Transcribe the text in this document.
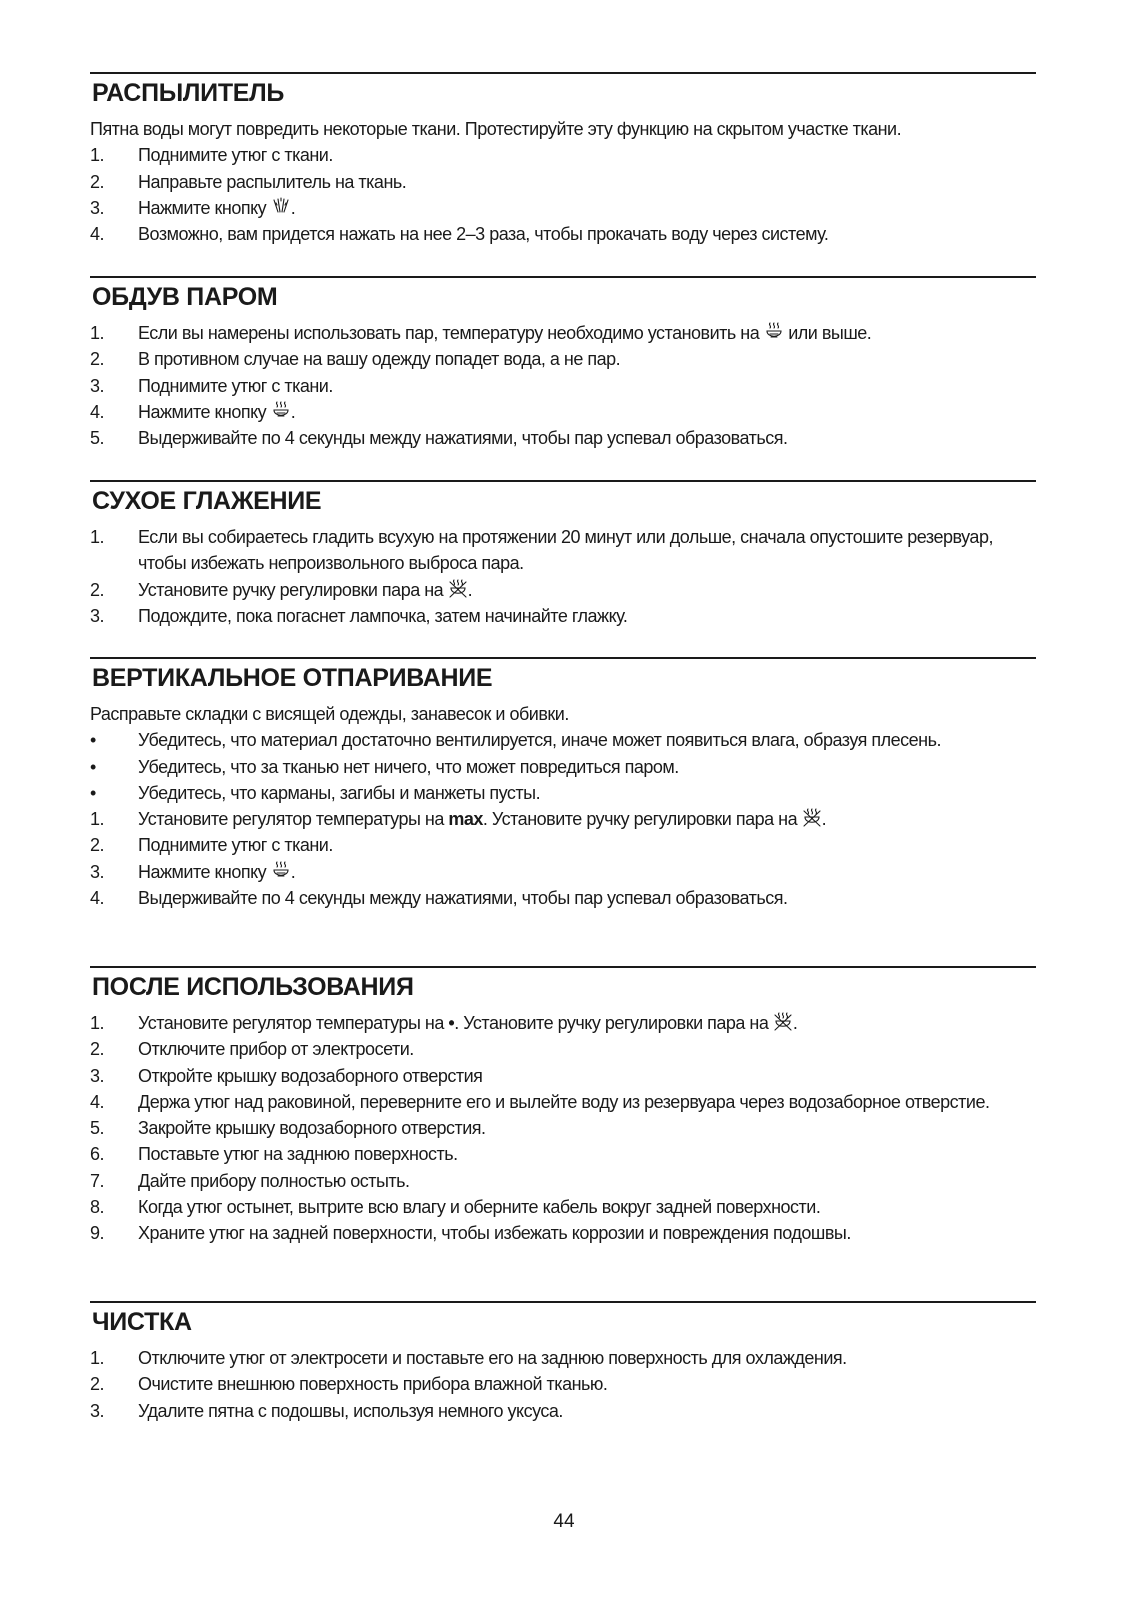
РАСПЫЛИТЕЛЬ

Пятна воды могут повредить некоторые ткани. Протестируйте эту функцию на скрытом участке ткани.

1.	Поднимите утюг с ткани.
2.	Направьте распылитель на ткань.
3.	Нажмите кнопку
.
4.	Возможно, вам придется нажать на нее 2–3 раза, чтобы прокачать воду через систему.
ОБДУВ ПАРОМ
1.	Если вы намерены использовать пар, температуру необходимо установить на
или выше.
2.	В противном случае на вашу одежду попадет вода, а не пар.
3.	Поднимите утюг с ткани.
4.	Нажмите кнопку
.
5.	Выдерживайте по 4 секунды между нажатиями, чтобы пар успевал образоваться.
СУХОЕ ГЛАЖЕНИЕ
1.	Если вы собираетесь гладить всухую на протяжении 20 минут или дольше, сначала опустошите резервуар, чтобы избежать непроизвольного выброса пара.
2.	Установите ручку регулировки пара на
.
3.	Подождите, пока погаснет лампочка, затем начинайте глажку.
ВЕРТИКАЛЬНОЕ ОТПАРИВАНИЕ

Расправьте складки с висящей одежды, занавесок и обивки.

•	Убедитесь, что материал достаточно вентилируется, иначе может появиться влага, образуя плесень.
•	Убедитесь, что за тканью нет ничего, что может повредиться паром.
•	Убедитесь, что карманы, загибы и манжеты пусты.
1.	Установите регулятор температуры на max. Установите ручку регулировки пара на
.
2.	Поднимите утюг с ткани.
3.	Нажмите кнопку
.
4.	Выдерживайте по 4 секунды между нажатиями, чтобы пар успевал образоваться.
ПОСЛЕ ИСПОЛЬЗОВАНИЯ
1.	Установите регулятор температуры на •. Установите ручку регулировки пара на
.
2.	Отключите прибор от электросети.
3.	Откройте крышку водозаборного отверстия
4.	Держа утюг над раковиной, переверните его и вылейте воду из резервуара через водозаборное отверстие.
5.	Закройте крышку водозаборного отверстия.
6.	Поставьте утюг на заднюю поверхность.
7.	Дайте прибору полностью остыть.
8.	Когда утюг остынет, вытрите всю влагу и оберните кабель вокруг задней поверхности.
9.	Храните утюг на задней поверхности, чтобы избежать коррозии и повреждения подошвы.
ЧИСТКА
1.	Отключите утюг от электросети и поставьте его на заднюю поверхность для охлаждения.
2.	Очистите внешнюю поверхность прибора влажной тканью.
3.	Удалите пятна с подошвы, используя немного уксуса.
44
